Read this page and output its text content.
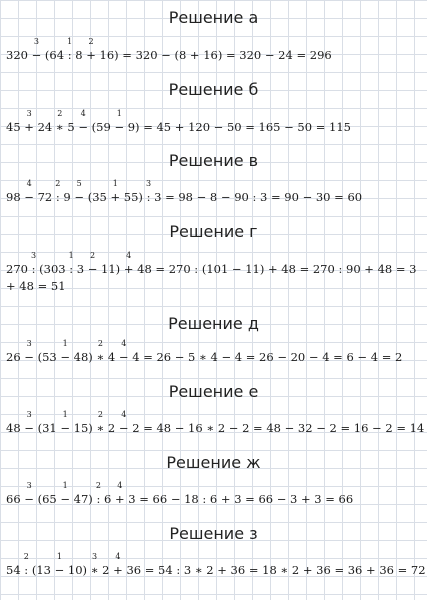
Решение а

320 −
3
(64 :
1
8 +
2
16) = 320 − (8 + 16) = 320 − 24 = 296

Решение б

45 +
3
24 ∗
2
5 −
4
(59 −
1
9) = 45 + 120 − 50 = 165 − 50 = 115

Решение в

98 −
4
72 :
2
9 −
5
(35 +
1
55) :
3
3 = 98 − 8 − 90 : 3 = 90 − 30 = 60

Решение г

270 :
3
(303 :
1
3 −
2
11) +
4
48 = 270 : (101 − 11) + 48 = 270 : 90 + 48 = 3

+ 48 = 51

Решение д

26 −
3
(53 −
1
48) ∗
2
4 −
4
4 = 26 − 5 ∗ 4 − 4 = 26 − 20 − 4 = 6 − 4 = 2

Решение е

48 −
3
(31 −
1
15) ∗
2
2 −
4
2 = 48 − 16 ∗ 2 − 2 = 48 − 32 − 2 = 16 − 2 = 14

Решение ж

66 −
3
(65 −
1
47) :
2
6 +
4
3 = 66 − 18 : 6 + 3 = 66 − 3 + 3 = 66

Решение з

54 :
2
(13 −
1
10) ∗
3
2 +
4
36 = 54 : 3 ∗ 2 + 36 = 18 ∗ 2 + 36 = 36 + 36 = 72
